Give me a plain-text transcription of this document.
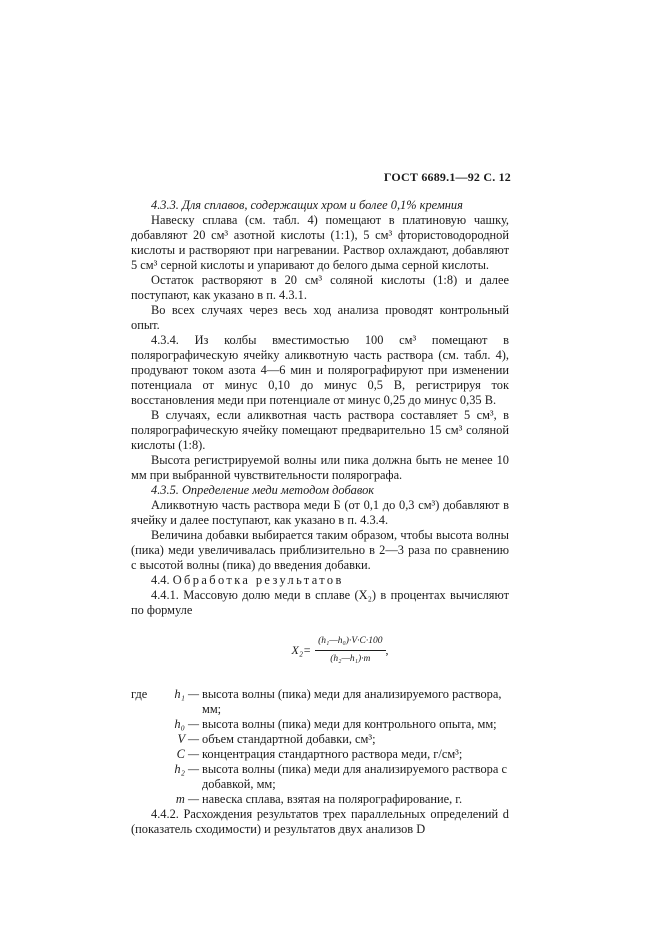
ГОСТ 6689.1—92 С. 12

4.3.3. Для сплавов, содержащих хром и более 0,1% кремния

Навеску сплава (см. табл. 4) помещают в платиновую чашку, добавляют 20 см³ азотной кислоты (1:1), 5 см³ фтористоводородной кислоты и растворяют при нагревании. Раствор охлаждают, добавляют 5 см³ серной кислоты и упаривают до белого дыма серной кислоты.

Остаток растворяют в 20 см³ соляной кислоты (1:8) и далее поступают, как указано в п. 4.3.1.

Во всех случаях через весь ход анализа проводят контрольный опыт.

4.3.4. Из колбы вместимостью 100 см³ помещают в полярографическую ячейку аликвотную часть раствора (см. табл. 4), продувают током азота 4—6 мин и полярографируют при изменении потенциала от минус 0,10 до минус 0,5 В, регистрируя ток восстановления меди при потенциале от минус 0,25 до минус 0,35 В.

В случаях, если аликвотная часть раствора составляет 5 см³, в полярографическую ячейку помещают предварительно 15 см³ соляной кислоты (1:8).

Высота регистрируемой волны или пика должна быть не менее 10 мм при выбранной чувствительности полярографа.

4.3.5. Определение меди методом добавок

Аликвотную часть раствора меди Б (от 0,1 до 0,3 см³) добавляют в ячейку и далее поступают, как указано в п. 4.3.4.

Величина добавки выбирается таким образом, чтобы высота волны (пика) меди увеличивалась приблизительно в 2—3 раза по сравнению с высотой волны (пика) до введения добавки.

4.4. Обработка результатов

4.4.1. Массовую долю меди в сплаве (X₂) в процентах вычисляют по формуле

$X_2= \frac{\text{(h₁—h₀)·V·C·100}}{\text{(h₂—h₁)·m}}$ ,
где	h₁ — высота волны (пика) меди для анализируемого раствора, мм;
h₀ — высота волны (пика) меди для контрольного опыта, мм;
V — объем стандартной добавки, см³;
C — концентрация стандартного раствора меди, г/см³;
h₂ — высота волны (пика) меди для анализируемого раствора с добавкой, мм;
m — навеска сплава, взятая на полярографирование, г.

4.4.2. Расхождения результатов трех параллельных определений d (показатель сходимости) и результатов двух анализов D
